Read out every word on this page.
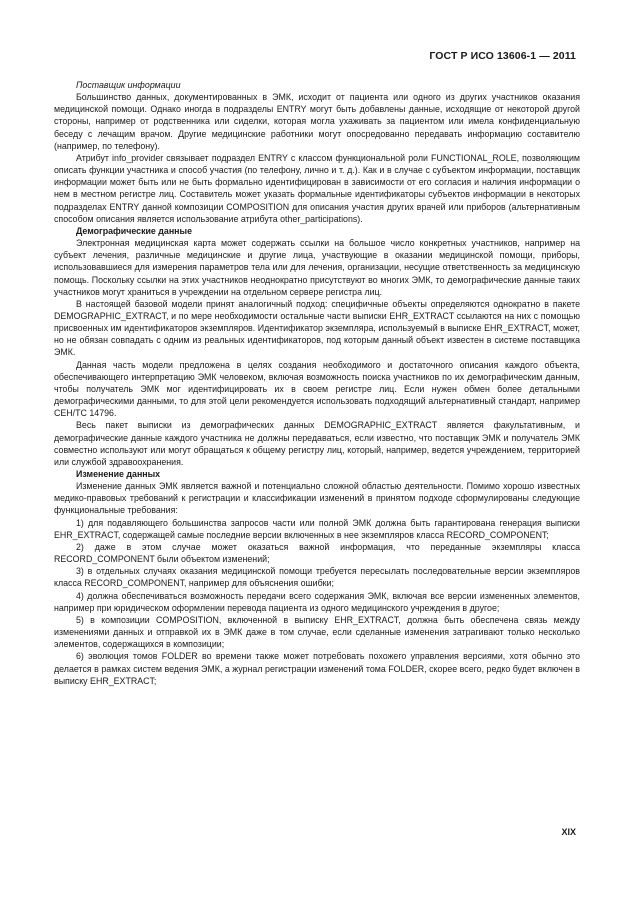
ГОСТ Р ИСО 13606-1 — 2011

Поставщик информации

Большинство данных, документированных в ЭМК, исходит от пациента или одного из других участников оказания медицинской помощи. Однако иногда в подразделы ENTRY могут быть добавлены данные, исходящие от некоторой другой стороны, например от родственника или сиделки, которая могла ухаживать за пациентом или имела конфиденциальную беседу с лечащим врачом. Другие медицинские работники могут опосредованно передавать информацию составителю (например, по телефону).

Атрибут info_provider связывает подраздел ENTRY с классом функциональной роли FUNCTIONAL_ROLE, позволяющим описать функции участника и способ участия (по телефону, лично и т. д.). Как и в случае с субъектом информации, поставщик информации может быть или не быть формально идентифицирован в зависимости от его согласия и наличия информации о нем в местном регистре лиц. Составитель может указать формальные идентификаторы субъектов информации в некоторых подразделах ENTRY данной композиции COMPOSITION для описания участия других врачей или приборов (альтернативным способом описания является использование атрибута other_participations).

Демографические данные

Электронная медицинская карта может содержать ссылки на большое число конкретных участников, например на субъект лечения, различные медицинские и другие лица, участвующие в оказании медицинской помощи, приборы, использовавшиеся для измерения параметров тела или для лечения, организации, несущие ответственность за медицинскую помощь. Поскольку ссылки на этих участников неоднократно присутствуют во многих ЭМК, то демографические данные таких участников могут храниться в учреждении на отдельном сервере регистра лиц.

В настоящей базовой модели принят аналогичный подход: специфичные объекты определяются однократно в пакете DEMOGRAPHIC_EXTRACT, и по мере необходимости остальные части выписки EHR_EXTRACT ссылаются на них с помощью присвоенных им идентификаторов экземпляров. Идентификатор экземпляра, используемый в выписке EHR_EXTRACT, может, но не обязан совпадать с одним из реальных идентификаторов, под которым данный объект известен в системе поставщика ЭМК.

Данная часть модели предложена в целях создания необходимого и достаточного описания каждого объекта, обеспечивающего интерпретацию ЭМК человеком, включая возможность поиска участников по их демографическим данным, чтобы получатель ЭМК мог идентифицировать их в своем регистре лиц. Если нужен обмен более детальными демографическими данными, то для этой цели рекомендуется использовать подходящий альтернативный стандарт, например CEH/TC 14796.

Весь пакет выписки из демографических данных DEMOGRAPHIC_EXTRACT является факультативным, и демографические данные каждого участника не должны передаваться, если известно, что поставщик ЭМК и получатель ЭМК совместно используют или могут обращаться к общему регистру лиц, который, например, ведется учреждением, территорией или службой здравоохранения.

Изменение данных

Изменение данных ЭМК является важной и потенциально сложной областью деятельности. Помимо хорошо известных медико-правовых требований к регистрации и классификации изменений в принятом подходе сформулированы следующие функциональные требования:

1) для подавляющего большинства запросов части или полной ЭМК должна быть гарантирована генерация выписки EHR_EXTRACT, содержащей самые последние версии включенных в нее экземпляров класса RECORD_COMPONENT;

2) даже в этом случае может оказаться важной информация, что переданные экземпляры класса RECORD_COMPONENT были объектом изменений;

3) в отдельных случаях оказания медицинской помощи требуется пересылать последовательные версии экземпляров класса RECORD_COMPONENT, например для объяснения ошибки;

4) должна обеспечиваться возможность передачи всего содержания ЭМК, включая все версии измененных элементов, например при юридическом оформлении перевода пациента из одного медицинского учреждения в другое;

5) в композиции COMPOSITION, включенной в выписку EHR_EXTRACT, должна быть обеспечена связь между изменениями данных и отправкой их в ЭМК даже в том случае, если сделанные изменения затрагивают только несколько элементов, содержащихся в композиции;

6) эволюция томов FOLDER во времени также может потребовать похожего управления версиями, хотя обычно это делается в рамках систем ведения ЭМК, а журнал регистрации изменений тома FOLDER, скорее всего, редко будет включен в выписку EHR_EXTRACT;

XIX
